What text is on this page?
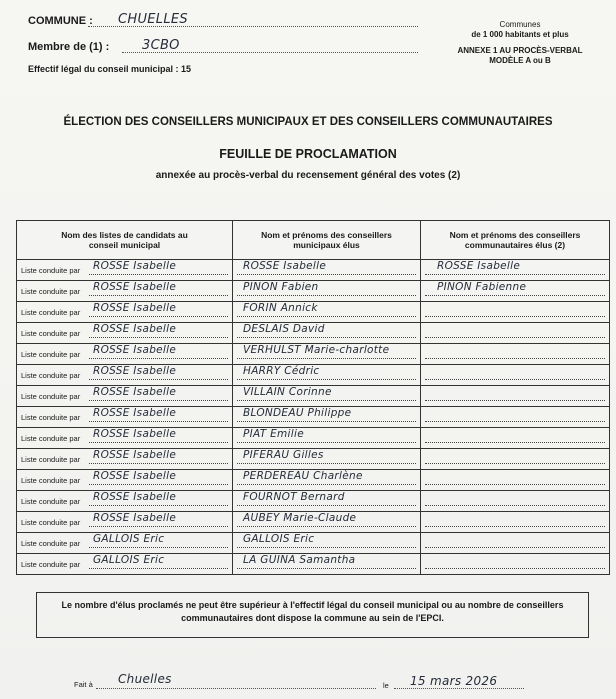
COMMUNE : CHUELLES
Membre de (1) :	3CBO
Effectif légal du conseil municipal : 15
Communes
de 1 000 habitants et plus
ANNEXE 1 AU PROCÈS-VERBAL
MODÈLE A ou B
ÉLECTION DES CONSEILLERS MUNICIPAUX ET DES CONSEILLERS COMMUNAUTAIRES
FEUILLE DE PROCLAMATION
annexée au procès-verbal du recensement général des votes (2)
Nom des listes de candidats au conseil municipal	Nom et prénoms des conseillers municipaux élus	Nom et prénoms des conseillers communautaires élus (2)

Liste conduite par ROSSE Isabelle	ROSSE Isabelle	ROSSE Isabelle

Liste conduite par ROSSE Isabelle	PINON Fabien	PINON Fabienne

Liste conduite par ROSSE Isabelle	FORIN Annick	

Liste conduite par ROSSE Isabelle	DESLAIS David	

Liste conduite par ROSSE Isabelle	VERHULST Marie-charlotte	

Liste conduite par ROSSE Isabelle	HARRY Cédric	

Liste conduite par ROSSE Isabelle	VILLAIN Corinne	

Liste conduite par ROSSE Isabelle	BLONDEAU Philippe	

Liste conduite par ROSSE Isabelle	PIAT Emilie	

Liste conduite par ROSSE Isabelle	PIFERAU Gilles	

Liste conduite par ROSSE Isabelle	PERDEREAU Charlène	

Liste conduite par ROSSE Isabelle	FOURNOT Bernard	

Liste conduite par ROSSE Isabelle	AUBEY Marie-Claude	

Liste conduite par GALLOIS Eric	GALLOIS Eric	

Liste conduite par GALLOIS Eric	LA GUINA Samantha	

Le nombre d'élus proclamés ne peut être supérieur à l'effectif légal du conseil municipal ou au nombre de conseillers communautaires dont dispose la commune au sein de l'EPCI.
Fait à Chuelles	le 15 mars 2026
